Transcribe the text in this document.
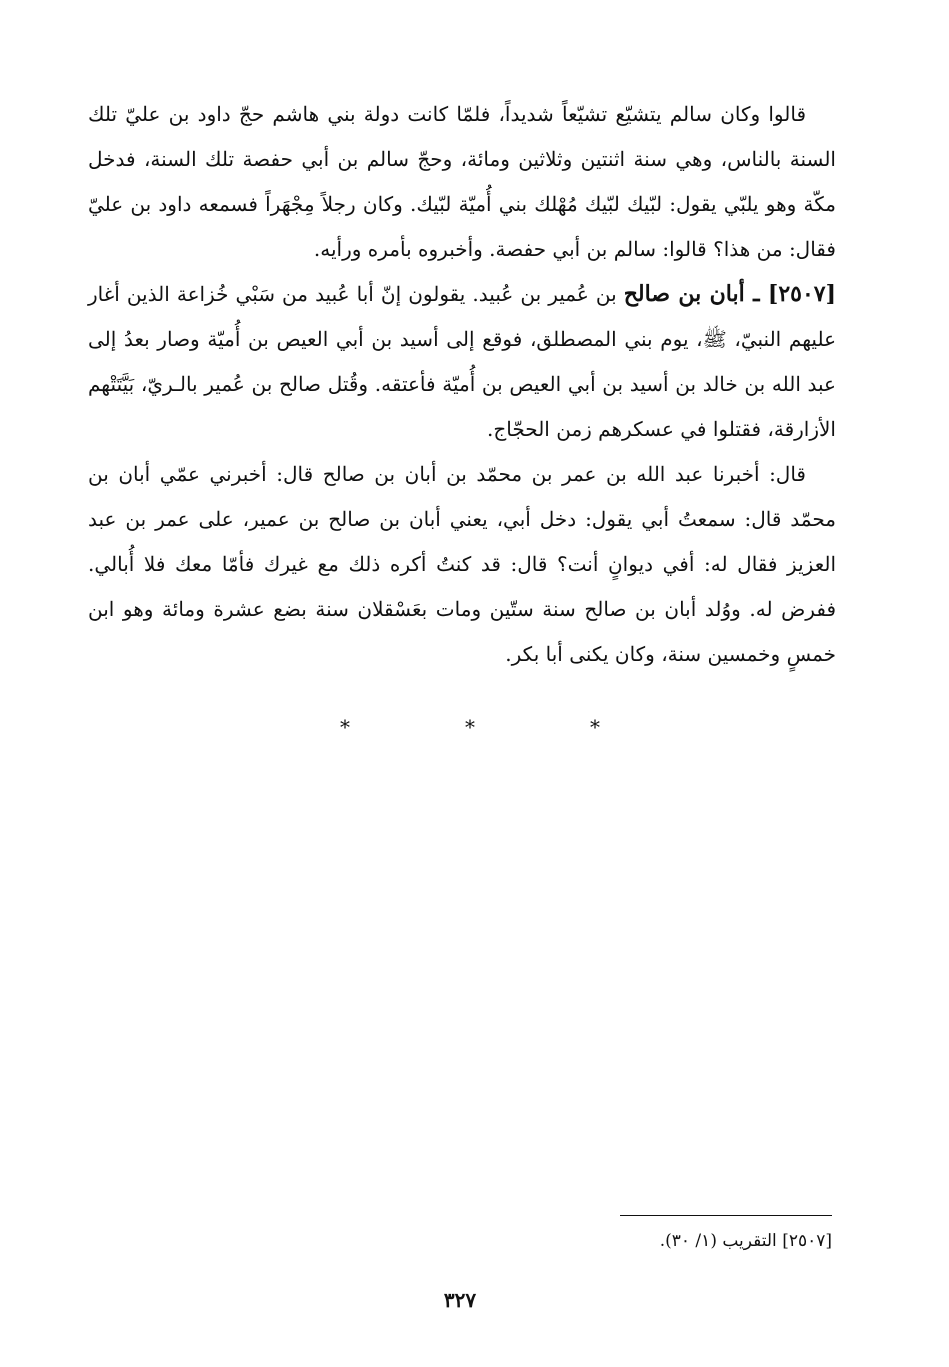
قالوا وكان سالم يتشيّع تشيّعاً شديداً، فلمّا كانت دولة بني هاشم حجّ داود بن عليّ تلك السنة بالناس، وهي سنة اثنتين وثلاثين ومائة، وحجّ سالم بن أبي حفصة تلك السنة، فدخل مكّة وهو يلبّي يقول: لبّيك لبّيك مُهْلك بني أُميّة لبّيك. وكان رجلاً مِجْهَراً فسمعه داود بن عليّ فقال: من هذا؟ قالوا: سالم بن أبي حفصة. وأخبروه بأمره ورأيه.

[٢٥٠٧] ـ أبان بن صالح بن عُمير بن عُبيد. يقولون إنّ أبا عُبيد من سَبْي خُزاعة الذين أغار عليهم النبيّ، ﷺ، يوم بني المصطلق، فوقع إلى أسيد بن أبي العيص بن أُميّة وصار بعدُ إلى عبد الله بن خالد بن أسيد بن أبي العيص بن أُميّة فأعتقه. وقُتل صالح بن عُمير بالـريّ، بَيَّتَتْهم الأزارقة، فقتلوا في عسكرهم زمن الحجّاج.

قال: أخبرنا عبد الله بن عمر بن محمّد بن أبان بن صالح قال: أخبرني عمّي أبان بن محمّد قال: سمعتُ أبي يقول: دخل أبي، يعني أبان بن صالح بن عمير، على عمر بن عبد العزيز فقال له: أفي ديوانٍ أنت؟ قال: قد كنتُ أكره ذلك مع غيرك فأمّا معك فلا أُبالي. ففرض له. ووُلد أبان بن صالح سنة ستّين ومات بعَسْقلان سنة بضع عشرة ومائة وهو ابن خمسٍ وخمسين سنة، وكان يكنى أبا بكر.

*	*	*
[٢٥٠٧] التقريب (١/ ٣٠).
٣٢٧
